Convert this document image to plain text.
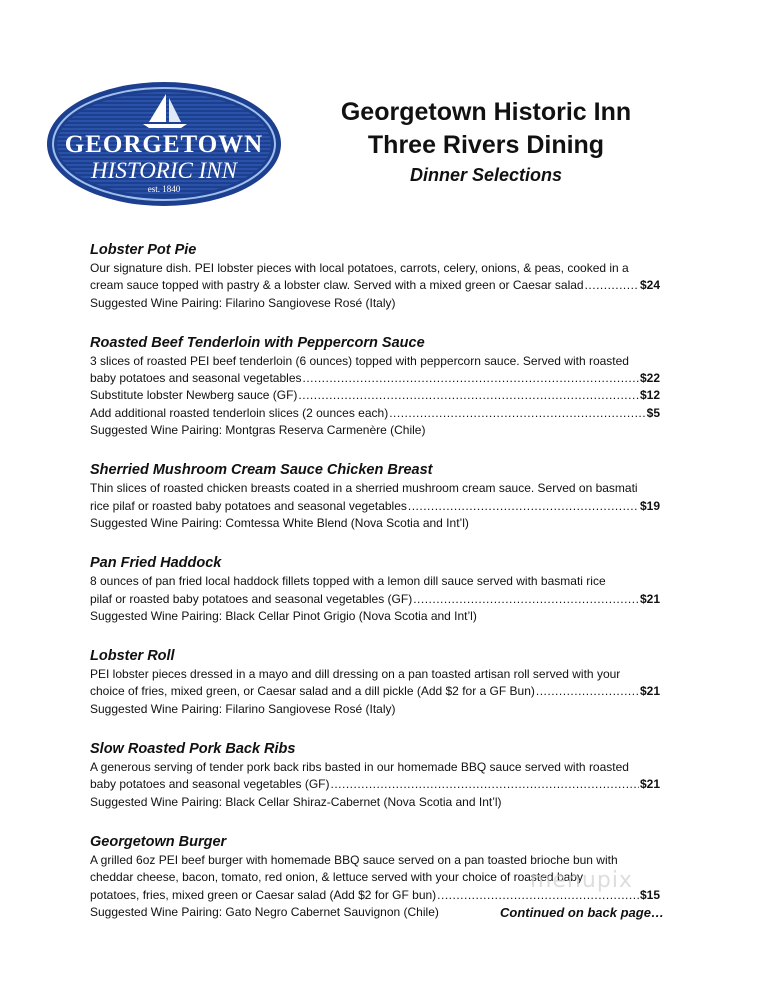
GEORGETOWN
HISTORIC INN
est. 1840
Georgetown Historic Inn
Three Rivers Dining
Dinner Selections
Lobster Pot Pie
Our signature dish. PEI lobster pieces with local potatoes, carrots, celery, onions, & peas, cooked in a
cream sauce topped with pastry & a lobster claw. Served with a mixed green or Caesar salad .....	$24
Suggested Wine Pairing: Filarino Sangiovese Rosé (Italy)
Roasted Beef Tenderloin with Peppercorn Sauce
3 slices of roasted PEI beef tenderloin (6 ounces) topped with peppercorn sauce. Served with roasted
baby potatoes and seasonal vegetables .....	$22
Substitute lobster Newberg sauce (GF) .....	$12
Add additional roasted tenderloin slices (2 ounces each) .....	$5
Suggested Wine Pairing: Montgras Reserva Carmenère (Chile)
Sherried Mushroom Cream Sauce Chicken Breast
Thin slices of roasted chicken breasts coated in a sherried mushroom cream sauce. Served on basmati
rice pilaf or roasted baby potatoes and seasonal vegetables .....	$19
Suggested Wine Pairing: Comtessa White Blend (Nova Scotia and Int’l)
Pan Fried Haddock
8 ounces of pan fried local haddock fillets topped with a lemon dill sauce served with basmati rice
pilaf or roasted baby potatoes and seasonal vegetables (GF) .....	$21
Suggested Wine Pairing: Black Cellar Pinot Grigio (Nova Scotia and Int’l)
Lobster Roll
PEI lobster pieces dressed in a mayo and dill dressing on a pan toasted artisan roll served with your
choice of fries, mixed green, or Caesar salad and a dill pickle (Add $2 for a GF Bun) .....	$21
Suggested Wine Pairing: Filarino Sangiovese Rosé (Italy)
Slow Roasted Pork Back Ribs
A generous serving of tender pork back ribs basted in our homemade BBQ sauce served with roasted
baby potatoes and seasonal vegetables (GF) .....	$21
Suggested Wine Pairing: Black Cellar Shiraz-Cabernet (Nova Scotia and Int’l)
Georgetown Burger
A grilled 6oz PEI beef burger with homemade BBQ sauce served on a pan toasted brioche bun with
cheddar cheese, bacon, tomato, red onion, & lettuce served with your choice of roasted baby
potatoes, fries, mixed green or Caesar salad (Add $2 for GF bun) .....	$15
Suggested Wine Pairing: Gato Negro Cabernet Sauvignon (Chile)
menupix
Continued on back page…
